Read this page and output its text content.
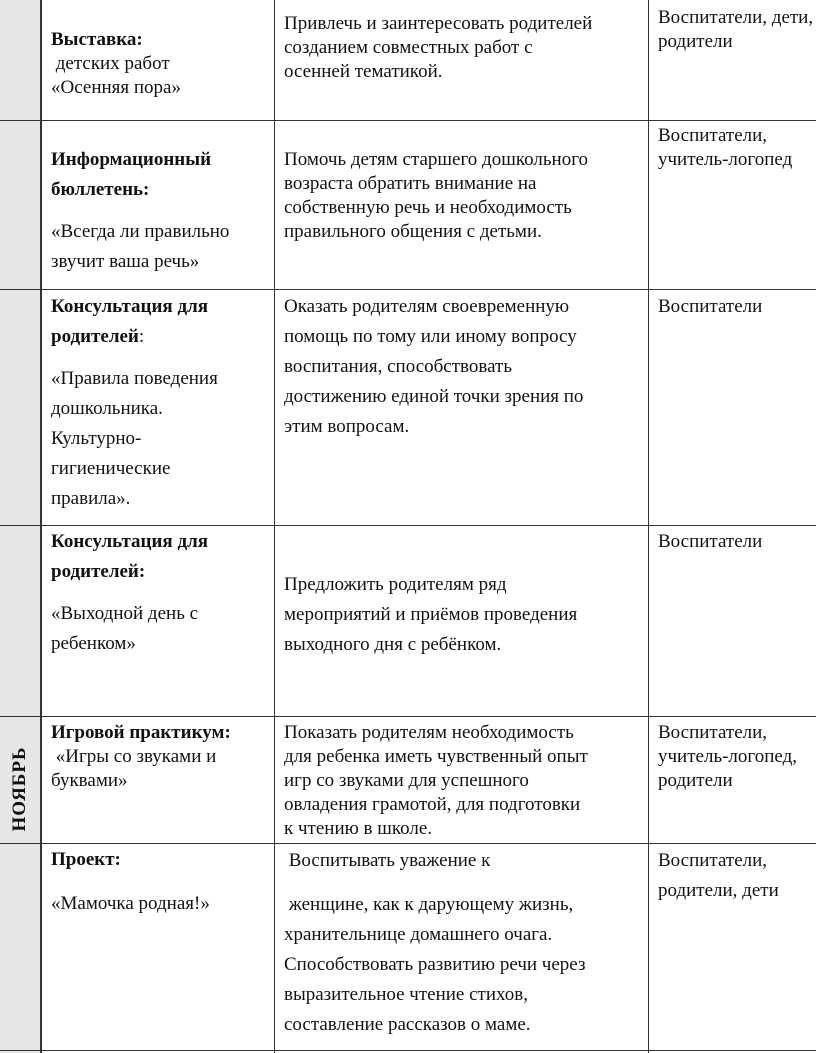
НОЯБРЬ

Выставка:

детских работ

«Осенняя пора»

Привлечь и заинтересовать родителей

созданием совместных работ с

осенней тематикой.

Воспитатели, дети,

родители

Информационный

бюллетень:

«Всегда ли правильно

звучит ваша речь»

Помочь детям старшего дошкольного

возраста обратить внимание на

собственную речь и необходимость

правильного общения с детьми.

Воспитатели,

учитель-логопед

Консультация для

родителей:

«Правила поведения

дошкольника.

Культурно-

гигиенические

правила».

Оказать родителям своевременную

помощь по тому или иному вопросу

воспитания, способствовать

достижению единой точки зрения по

этим вопросам.

Воспитатели

Консультация для

родителей:

«Выходной день с

ребенком»

Предложить родителям ряд

мероприятий и приёмов проведения

выходного дня с ребёнком.

Воспитатели

Игровой практикум:

«Игры со звуками и

буквами»

Показать родителям необходимость

для ребенка иметь чувственный опыт

игр со звуками для успешного

овладения грамотой, для подготовки

к чтению в школе.

Воспитатели,

учитель-логопед,

родители

Проект:

«Мамочка родная!»

Воспитывать уважение к

женщине, как к дарующему жизнь,

хранительнице домашнего очага.

Способствовать развитию речи через

выразительное чтение стихов,

составление рассказов о маме.

Воспитатели,

родители, дети
